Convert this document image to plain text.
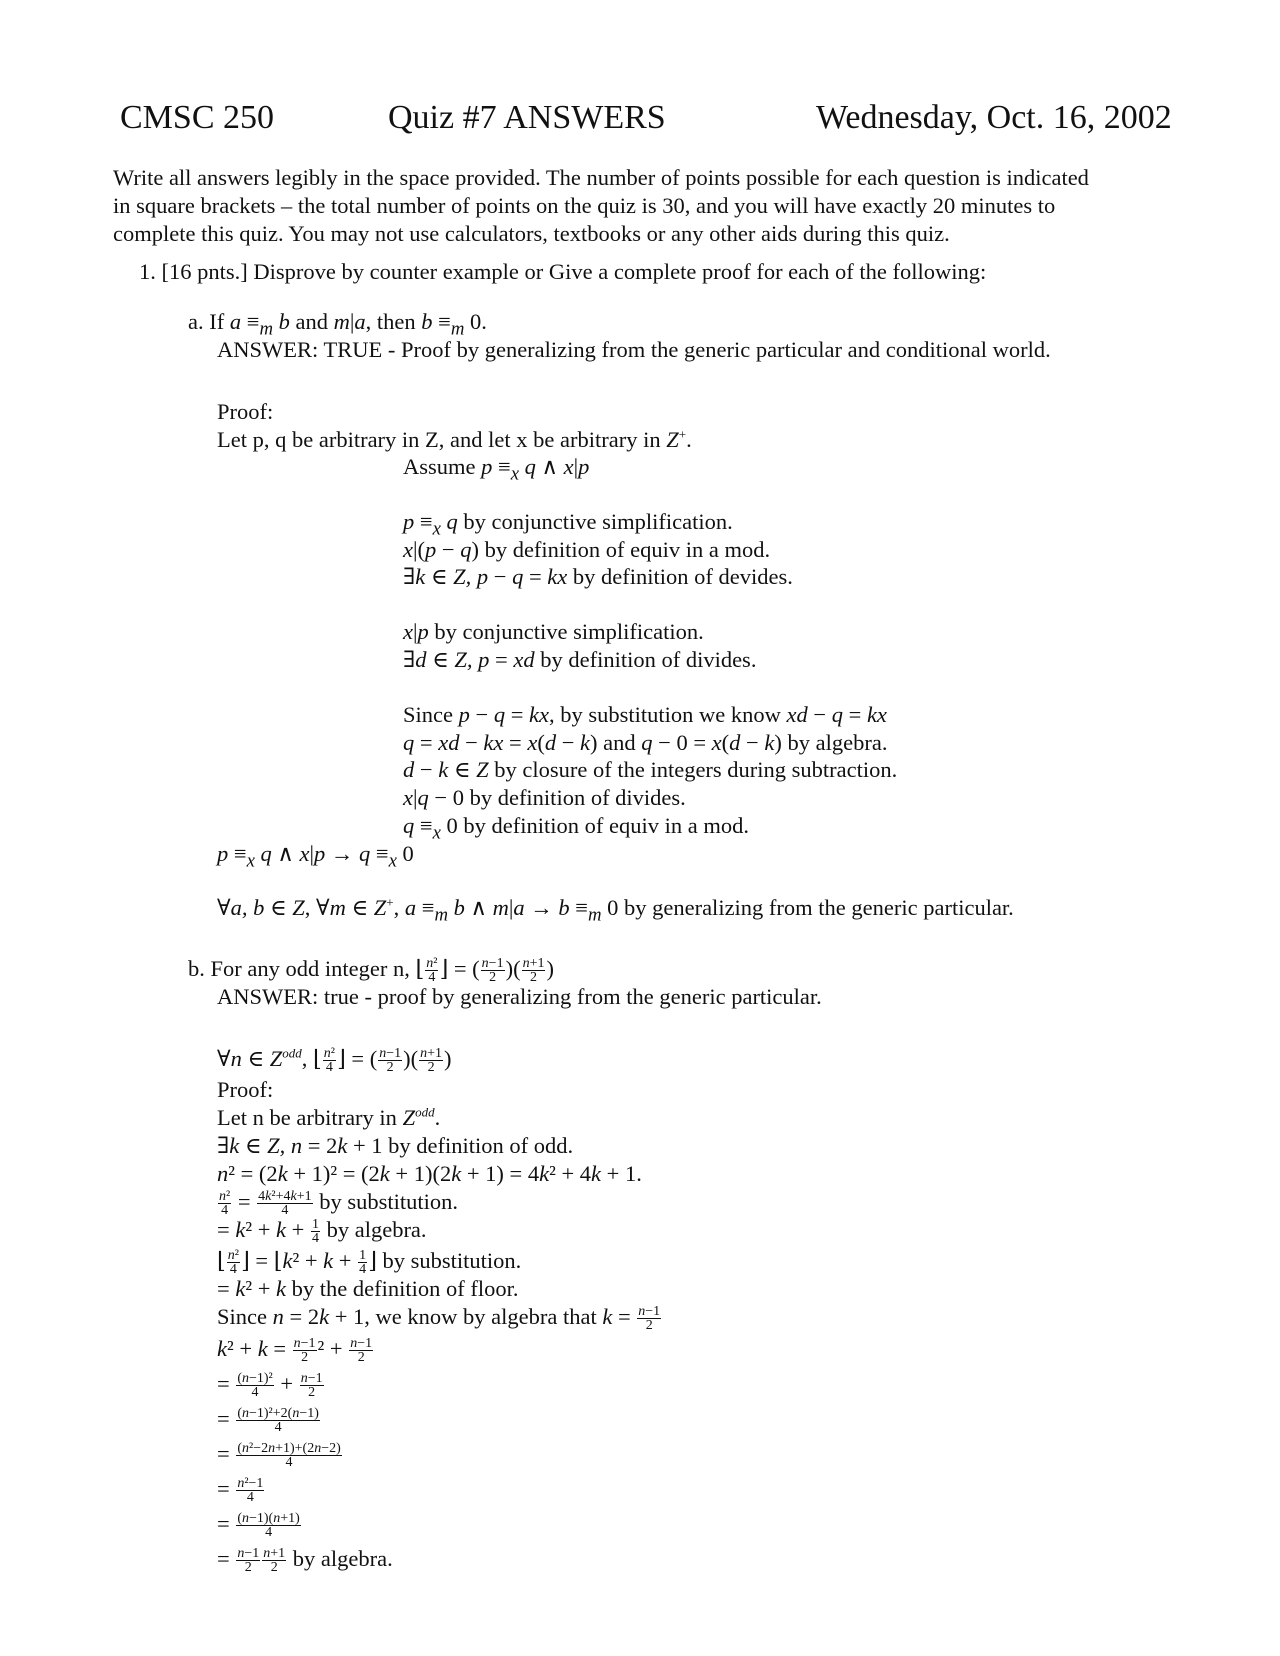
CMSC 250	Quiz #7 ANSWERS	Wednesday, Oct. 16, 2002
Write all answers legibly in the space provided. The number of points possible for each question is indicated
in square brackets – the total number of points on the quiz is 30, and you will have exactly 20 minutes to
complete this quiz. You may not use calculators, textbooks or any other aids during this quiz.
1. [16 pnts.] Disprove by counter example or Give a complete proof for each of the following:
a. If $a \equiv_m$ b and m|a, then $b \equiv_m$ 0.
ANSWER: TRUE - Proof by generalizing from the generic particular and conditional world.
Proof:
Let p, q be arbitrary in Z, and let x be arbitrary in Z+.
Assume $p \equiv_x$ q ∧ x|p
$p \equiv_x$ q by conjunctive simplification.
x|(p − q) by definition of equiv in a mod.
∃k ∈ Z, p − q = kx by definition of devides.
x|p by conjunctive simplification.
∃d ∈ Z, p = xd by definition of divides.
Since p − q = kx, by substitution we know xd − q = kx
q = xd − kx = x(d − k) and q − 0 = x(d − k) by algebra.
d − k ∈ Z by closure of the integers during subtraction.
x|q − 0 by definition of divides.
$q \equiv_x$ 0 by definition of equiv in a mod.
$p \equiv_x$ q ∧ $x|p \to q \equiv_x$ 0
∀a, b ∈ Z, ∀m ∈ Z+, $a \equiv_m$ b ∧ $m|a \to b \equiv_m$ 0 by generalizing from the generic particular.
b. For any odd integer n, ⌊ $\frac{\text{n²}}{4}$ ⌋ = ( $\frac{n-1}{2}$ )( $\frac{n+1}{2}$ )
ANSWER: true - proof by generalizing from the generic particular.
∀n ∈ $Z^{odd}$, ⌊ $\frac{\text{n²}}{4}$ ⌋ = ( $\frac{n-1}{2}$ )( $\frac{n+1}{2}$ )
Proof:
Let n be arbitrary in $Z^{odd}$.
∃k ∈ Z, n = 2k + 1 by definition of odd.
n² = (2k + 1)² = (2k + 1)(2k + 1) = 4k² + 4k + 1.
$\frac{\text{n²}}{4} = \frac{\text{4k²+4k+1}}{4}$ by substitution.
= $k^2 + k + \frac{1}{4}$ by algebra.
⌊ $\frac{\text{n²}}{4}$ ⌋ = ⌊k² + $k + \frac{1}{4}$ ⌋ by substitution.
= k² + k by the definition of floor.
Since n = 2k + 1, we know by algebra that $k = \frac{n-1}{2}$
$k^2 + k = \frac{n-1}{2} ^2 + \frac{n-1}{2}$
= $\frac{\text{(n−1)²}}{4} + \frac{n-1}{2}$
= $\frac{\text{(n−1)²+2(n−1)}}{4}$
= $\frac{\text{(n²−2n+1)+(2n−2)}}{4}$
= $\frac{\text{n²−1}}{4}$
= $\frac{(n-1)(n+1)}{4}$
= $\frac{n-1}{2} \frac{n+1}{2}$ by algebra.
